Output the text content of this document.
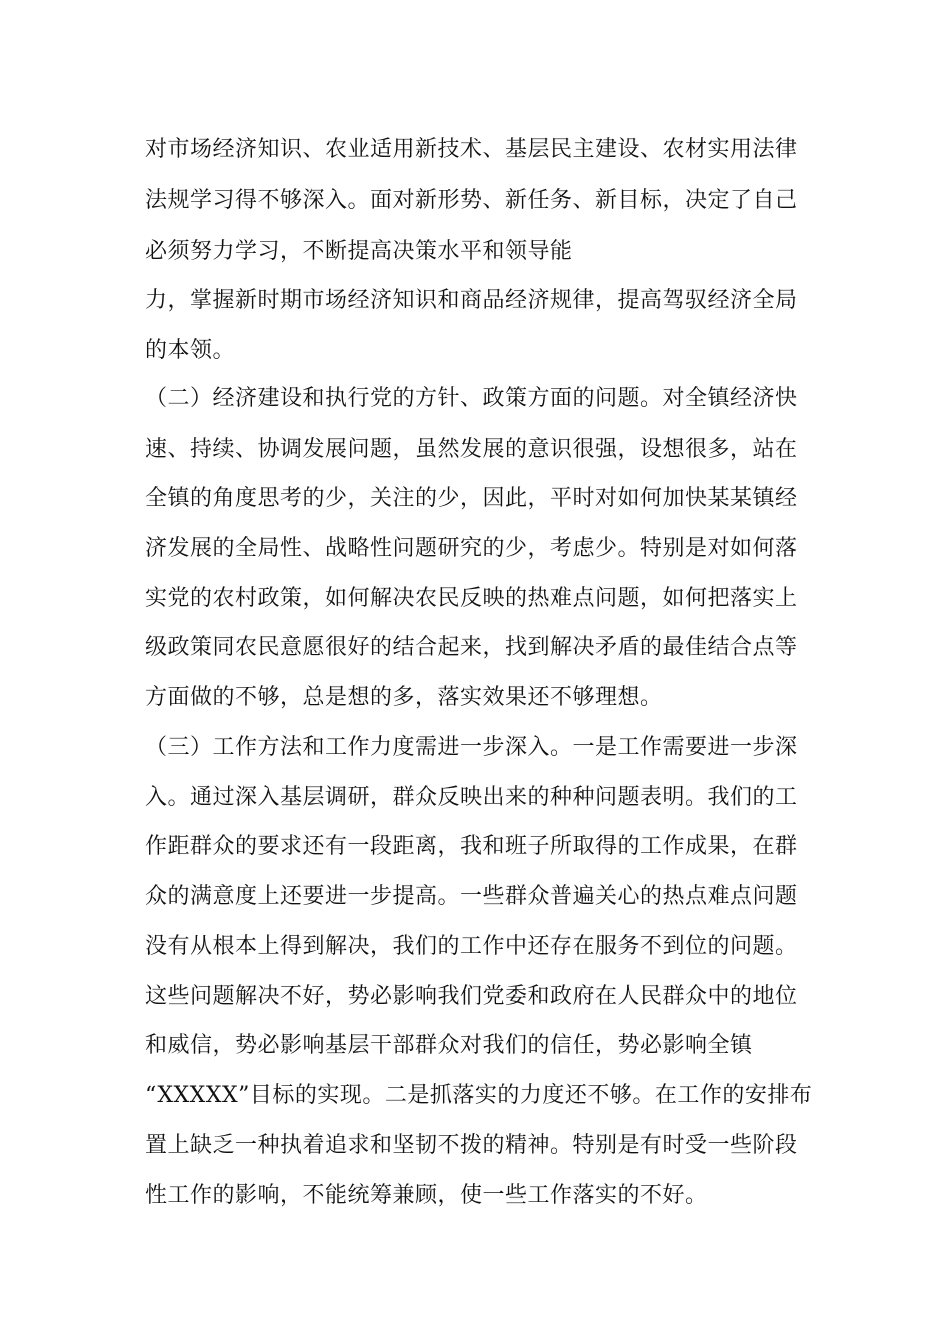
对市场经济知识、农业适用新技术、基层民主建设、农材实用法律
法规学习得不够深入。面对新形势、新任务、新目标，决定了自己
必须努力学习，不断提高决策水平和领导能
力，掌握新时期市场经济知识和商品经济规律，提高驾驭经济全局
的本领。
（二）经济建设和执行党的方针、政策方面的问题。对全镇经济快
速、持续、协调发展问题，虽然发展的意识很强，设想很多，站在
全镇的角度思考的少，关注的少，因此，平时对如何加快某某镇经
济发展的全局性、战略性问题研究的少，考虑少。特别是对如何落
实党的农村政策，如何解决农民反映的热难点问题，如何把落实上
级政策同农民意愿很好的结合起来，找到解决矛盾的最佳结合点等
方面做的不够，总是想的多，落实效果还不够理想。
（三）工作方法和工作力度需进一步深入。一是工作需要进一步深
入。通过深入基层调研，群众反映出来的种种问题表明。我们的工
作距群众的要求还有一段距离，我和班子所取得的工作成果，在群
众的满意度上还要进一步提高。一些群众普遍关心的热点难点问题
没有从根本上得到解决，我们的工作中还存在服务不到位的问题。
这些问题解决不好，势必影响我们党委和政府在人民群众中的地位
和威信，势必影响基层干部群众对我们的信任，势必影响全镇
“XXXXX”目标的实现。二是抓落实的力度还不够。在工作的安排布
置上缺乏一种执着追求和坚韧不拨的精神。特别是有时受一些阶段
性工作的影响，不能统筹兼顾，使一些工作落实的不好。
